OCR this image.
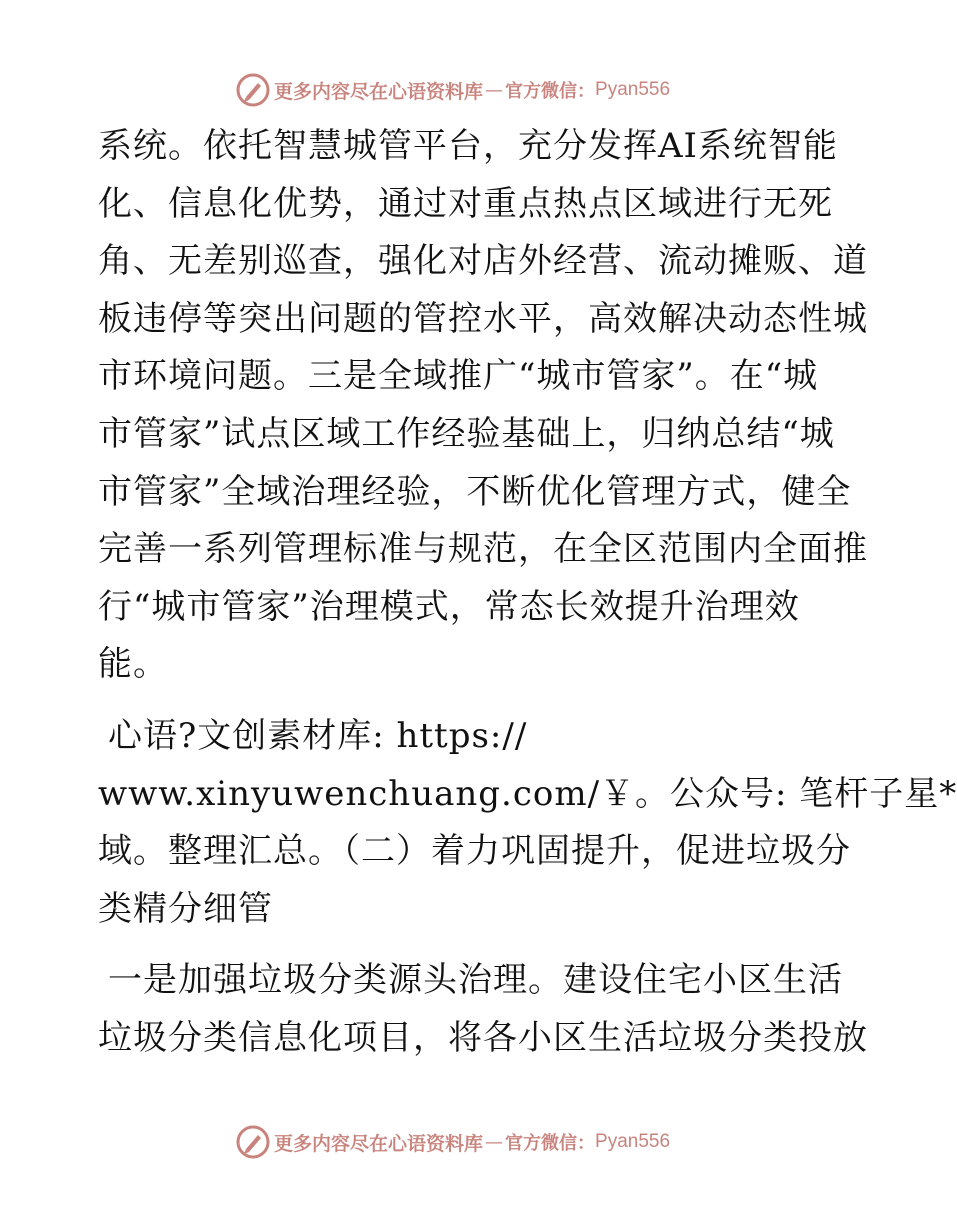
更多内容尽在心语资料库 — 官方微信： Pyan556
系统。依托智慧城管平台，充分发挥AI系统智能
化、信息化优势，通过对重点热点区域进行无死
角、无差别巡查，强化对店外经营、流动摊贩、道
板违停等突出问题的管控水平，高效解决动态性城
市环境问题。三是全域推广“城市管家”。在“城
市管家”试点区域工作经验基础上，归纳总结“城
市管家”全域治理经验，不断优化管理方式，健全
完善一系列管理标准与规范，在全区范围内全面推
行“城市管家”治理模式，常态长效提升治理效
能。
心语?文创素材库: https://
www.xinyuwenchuang.com/￥。公众号: 笔杆子星*
域。整理汇总。（二）着力巩固提升，促进垃圾分
类精分细管
一是加强垃圾分类源头治理。建设住宅小区生活
垃圾分类信息化项目，将各小区生活垃圾分类投放
更多内容尽在心语资料库 — 官方微信： Pyan556
